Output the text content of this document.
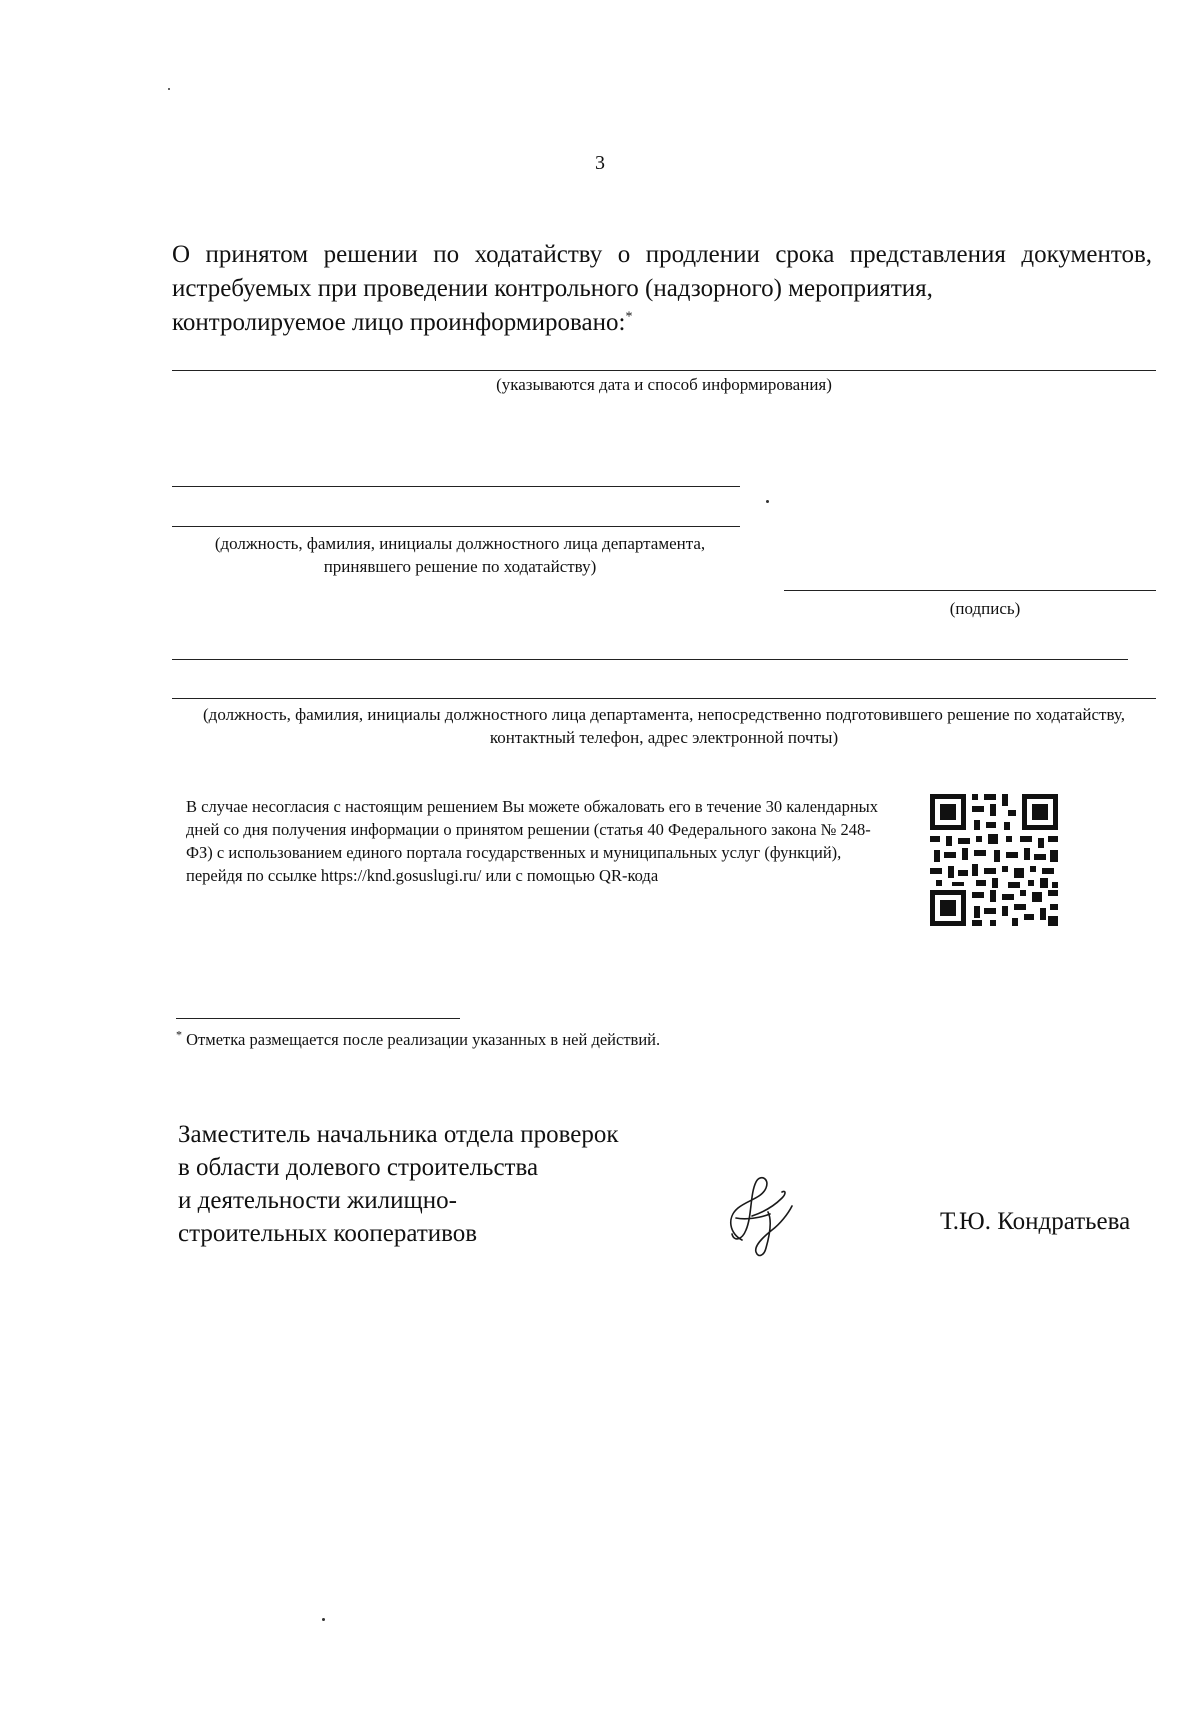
3
О принятом решении по ходатайству о продлении срока представления документов, истребуемых при проведении контрольного (надзорного) мероприятия,
контролируемое лицо проинформировано:*
(указываются дата и способ информирования)
(должность, фамилия, инициалы должностного лица департамента, принявшего решение по ходатайству)
(подпись)
(должность, фамилия, инициалы должностного лица департамента, непосредственно подготовившего решение по ходатайству, контактный телефон, адрес электронной почты)
В случае несогласия с настоящим решением Вы можете обжаловать его в течение 30 календарных дней со дня получения информации о принятом решении (статья 40 Федерального закона № 248-ФЗ) с использованием единого портала государственных и муниципальных услуг (функций), перейдя по ссылке https://knd.gosuslugi.ru/ или с помощью QR-кода
* Отметка размещается после реализации указанных в ней действий.
Заместитель начальника отдела проверок
в области долевого строительства
и деятельности жилищно-
строительных кооперативов	Т.Ю. Кондратьева
